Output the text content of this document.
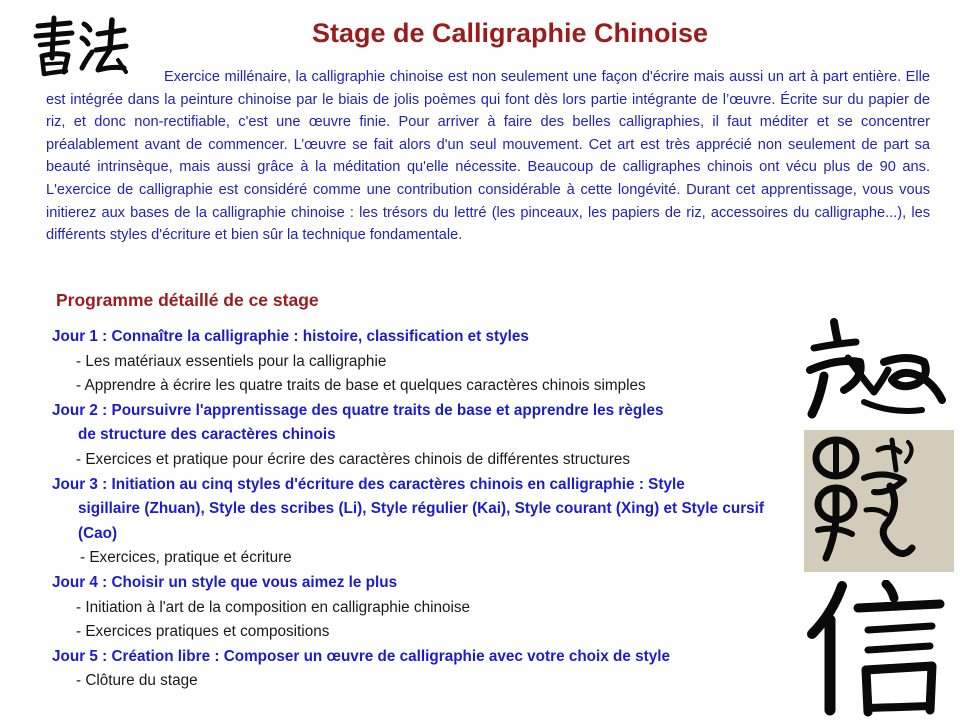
Stage de Calligraphie Chinoise

Exercice millénaire, la calligraphie chinoise est non seulement une façon d'écrire mais aussi un art à part entière. Elle est intégrée dans la peinture chinoise par le biais de jolis poèmes qui font dès lors partie intégrante de l’œuvre. Écrite sur du papier de riz, et donc non-rectifiable, c'est une œuvre finie. Pour arriver à faire des belles calligraphies, il faut méditer et se concentrer préalablement avant de commencer. L’œuvre se fait alors d'un seul mouvement. Cet art est très apprécié non seulement de part sa beauté intrinsèque, mais aussi grâce à la méditation qu'elle nécessite. Beaucoup de calligraphes chinois ont vécu plus de 90 ans. L'exercice de calligraphie est considéré comme une contribution considérable à cette longévité. Durant cet apprentissage, vous vous initierez aux bases de la calligraphie chinoise : les trésors du lettré (les pinceaux, les papiers de riz, accessoires du calligraphe...), les différents styles d'écriture et bien sûr la technique fondamentale.

Programme détaillé de ce stage
Jour 1 : Connaître la calligraphie : histoire, classification et styles
- Les matériaux essentiels pour la calligraphie
- Apprendre à écrire les quatre traits de base et quelques caractères chinois simples
Jour 2 : Poursuivre l'apprentissage des quatre traits de base et apprendre les règles
de structure des caractères chinois
- Exercices et pratique pour écrire des caractères chinois de différentes structures
Jour 3 : Initiation au cinq styles d'écriture des caractères chinois en calligraphie : Style
sigillaire (Zhuan), Style des scribes (Li), Style régulier (Kai), Style courant (Xing) et Style cursif (Cao)
- Exercices, pratique et écriture
Jour 4 : Choisir un style que vous aimez le plus
- Initiation à l'art de la composition en calligraphie chinoise
- Exercices pratiques et compositions
Jour 5 : Création libre : Composer un œuvre de calligraphie avec votre choix de style
- Clôture du stage
